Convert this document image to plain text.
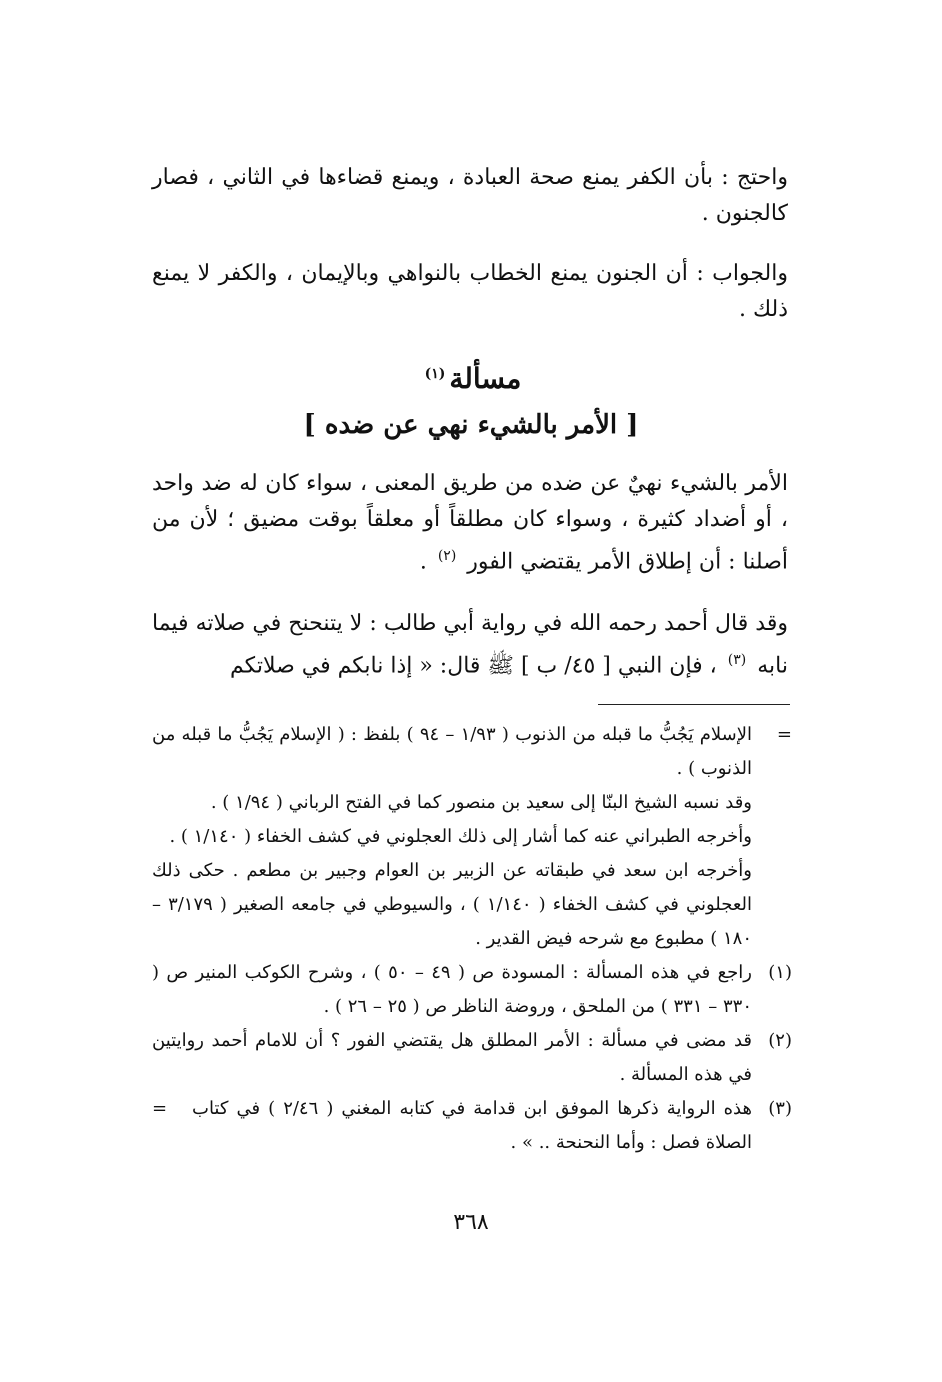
واحتج : بأن الكفر يمنع صحة العبادة ، ويمنع قضاءها في الثاني ، فصار كالجنون .

والجواب : أن الجنون يمنع الخطاب بالنواهي وبالإيمان ، والكفر لا يمنع ذلك .

مسألة$^{(١)}$
[ الأمر بالشيء نهي عن ضده ]

الأمر بالشيء نهيٌ عن ضده من طريق المعنى ، سواء كان له ضد واحد ، أو أضداد كثيرة ، وسواء كان مطلقاً أو معلقاً بوقت مضيق ؛ لأن من أصلنا : أن إطلاق الأمر يقتضي الفور $^{(٢)}$ .

وقد قال أحمد رحمه الله في رواية أبي طالب : لا يتنحنح في صلاته فيما نابه $^{(٣)}$ ، فإن النبي [ ٤٥/ ب ] ﷺ قال: « إذا نابكم في صلاتكم

=
الإسلام يَجُبُّ ما قبله من الذنوب ( ١/٩٣ – ٩٤ ) بلفظ : ( الإسلام يَجُبُّ ما قبله من الذنوب ) .
وقد نسبه الشيخ البنّا إلى سعيد بن منصور كما في الفتح الرباني ( ١/٩٤ ) .
وأخرجه الطبراني عنه كما أشار إلى ذلك العجلوني في كشف الخفاء ( ١/١٤٠ ) .
وأخرجه ابن سعد في طبقاته عن الزبير بن العوام وجبير بن مطعم . حكى ذلك العجلوني في كشف الخفاء ( ١/١٤٠ ) ، والسيوطي في جامعه الصغير ( ٣/١٧٩ – ١٨٠ ) مطبوع مع شرحه فيض القدير .
(١)
راجع في هذه المسألة : المسودة ص ( ٤٩ – ٥٠ ) ، وشرح الكوكب المنير ص ( ٣٣٠ – ٣٣١ ) من الملحق ، وروضة الناظر ص ( ٢٥ – ٢٦ ) .
(٢)
قد مضى في مسألة : الأمر المطلق هل يقتضي الفور ؟ أن للامام أحمد روايتين في هذه المسألة .
(٣)
هذه الرواية ذكرها الموفق ابن قدامة في كتابه المغني ( ٢/٤٦ ) في كتاب الصلاة فصل : وأما النحنحة .. » .
=
٣٦٨
